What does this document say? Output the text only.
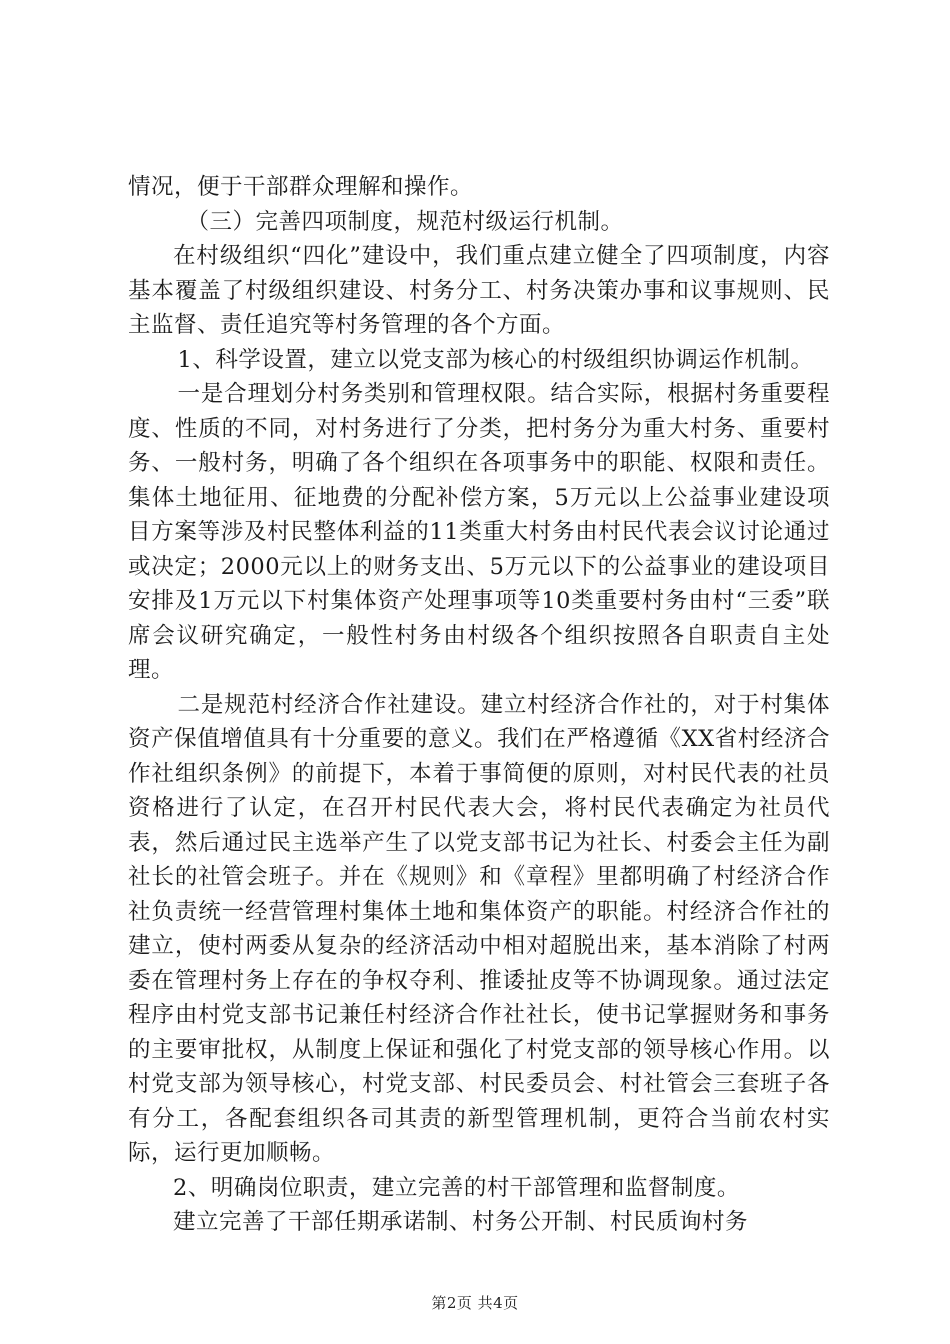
情况，便于干部群众理解和操作。

（三）完善四项制度，规范村级运行机制。

在村级组织“四化”建设中，我们重点建立健全了四项制度，内容基本覆盖了村级组织建设、村务分工、村务决策办事和议事规则、民主监督、责任追究等村务管理的各个方面。

1、科学设置，建立以党支部为核心的村级组织协调运作机制。

一是合理划分村务类别和管理权限。结合实际，根据村务重要程度、性质的不同，对村务进行了分类，把村务分为重大村务、重要村务、一般村务，明确了各个组织在各项事务中的职能、权限和责任。集体土地征用、征地费的分配补偿方案，5万元以上公益事业建设项目方案等涉及村民整体利益的11类重大村务由村民代表会议讨论通过或决定；2000元以上的财务支出、5万元以下的公益事业的建设项目安排及1万元以下村集体资产处理事项等10类重要村务由村“三委”联席会议研究确定，一般性村务由村级各个组织按照各自职责自主处理。

二是规范村经济合作社建设。建立村经济合作社的，对于村集体资产保值增值具有十分重要的意义。我们在严格遵循《XX省村经济合作社组织条例》的前提下，本着于事简便的原则，对村民代表的社员资格进行了认定，在召开村民代表大会，将村民代表确定为社员代表，然后通过民主选举产生了以党支部书记为社长、村委会主任为副社长的社管会班子。并在《规则》和《章程》里都明确了村经济合作社负责统一经营管理村集体土地和集体资产的职能。村经济合作社的建立，使村两委从复杂的经济活动中相对超脱出来，基本消除了村两委在管理村务上存在的争权夺利、推诿扯皮等不协调现象。通过法定程序由村党支部书记兼任村经济合作社社长，使书记掌握财务和事务的主要审批权，从制度上保证和强化了村党支部的领导核心作用。以村党支部为领导核心，村党支部、村民委员会、村社管会三套班子各有分工，各配套组织各司其责的新型管理机制，更符合当前农村实际，运行更加顺畅。

2、明确岗位职责，建立完善的村干部管理和监督制度。

建立完善了干部任期承诺制、村务公开制、村民质询村务

第2页 共4页
